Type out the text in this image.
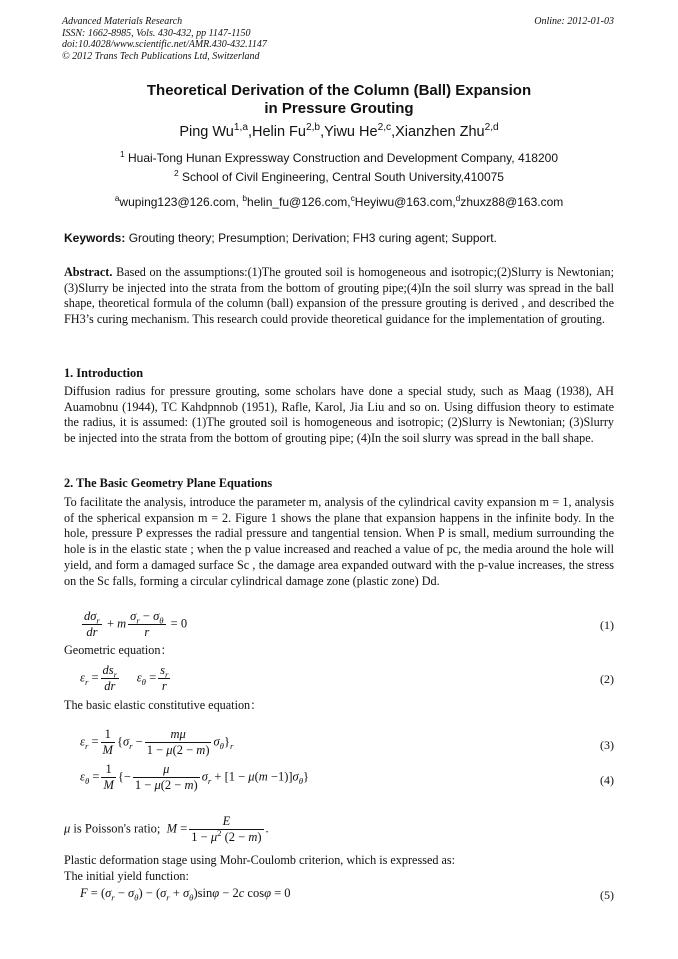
Advanced Materials Research
ISSN: 1662-8985, Vols. 430-432, pp 1147-1150
doi:10.4028/www.scientific.net/AMR.430-432.1147
© 2012 Trans Tech Publications Ltd, Switzerland
Online: 2012-01-03
Theoretical Derivation of the Column (Ball) Expansion
in Pressure Grouting
Ping Wu$^{1,a}$,Helin Fu$^{2,b}$,Yiwu He$^{2,c}$,Xianzhen Zhu$^{2,d}$
$^1$ Huai-Tong Hunan Expressway Construction and Development Company, 418200
$^2$ School of Civil Engineering, Central South University,410075
$^a$wuping123@126.com, $^b$helin_fu@126.com,$^c$Heyiwu@163.com,$^d$zhuxz88@163.com
Keywords: Grouting theory; Presumption; Derivation; FH3 curing agent; Support.
Abstract. Based on the assumptions:(1)The grouted soil is homogeneous and isotropic;(2)Slurry is Newtonian;(3)Slurry be injected into the strata from the bottom of grouting pipe;(4)In the soil slurry was spread in the ball shape, theoretical formula of the column (ball) expansion of the pressure grouting is derived , and described the FH3’s curing mechanism. This research could provide theoretical guidance for the implementation of grouting.
1. Introduction
Diffusion radius for pressure grouting, some scholars have done a special study, such as Maag (1938), AH Auamobnu (1944), TC Kahdpnnob (1951), Rafle, Karol, Jia Liu and so on. Using diffusion theory to estimate the radius, it is assumed: (1)The grouted soil is homogeneous and isotropic; (2)Slurry is Newtonian; (3)Slurry be injected into the strata from the bottom of grouting pipe; (4)In the soil slurry was spread in the ball shape.
2. The Basic Geometry Plane Equations
To facilitate the analysis, introduce the parameter m, analysis of the cylindrical cavity expansion m = 1, analysis of the spherical expansion m = 2. Figure 1 shows the plane that expansion happens in the infinite body. In the hole, pressure P expresses the radial pressure and tangential tension. When P is small, medium surrounding the hole is in the elastic state ; when the p value increased and reached a value of pc, the media around the hole will yield, and form a damaged surface Sc , the damage area expanded outward with the p-value increases, the stress on the Sc falls, forming a circular cylindrical damage zone (plastic zone) Dd.
$\frac{d\sigma_r}{dr} + m \frac{\sigma_r - \sigma_\theta}{r} = 0$	(1)
Geometric equation：
$\varepsilon_r = \frac{ds_r}{dr} \varepsilon_\theta = \frac{s_r}{r}$	(2)
The basic elastic constitutive equation：
$\varepsilon_r = \frac{1}{M} \{\sigma_r - \frac{m\mu}{1 - \mu(2 - m)} \sigma_\theta\}_r$	(3)
$\varepsilon_\theta = \frac{1}{M}$ {− $\frac{\mu}{1 - \mu(2 - m)} \sigma_r + [1 - \mu(m -1)]\sigma_\theta$}	(4)
μ is Poisson's ratio;  $M = \frac{E}{1 - \mu^2 (2 - m)}$ .
Plastic deformation stage using Mohr-Coulomb criterion, which is expressed as:
The initial yield function:
$F = (\sigma_r - \sigma_\theta) - (\sigma_r + \sigma_\theta)\sin\varphi - 2c$ cosφ = 0	(5)
